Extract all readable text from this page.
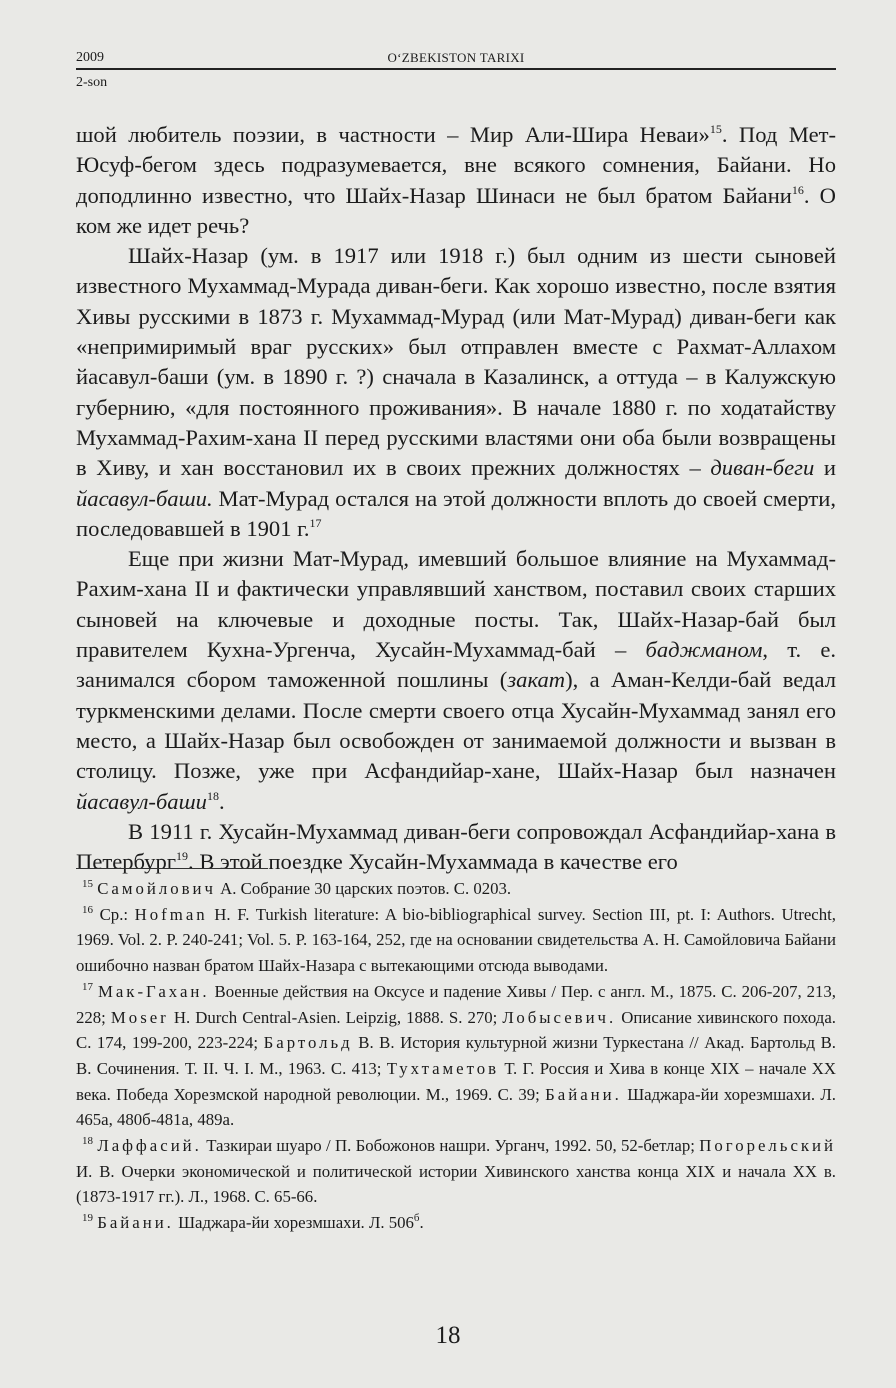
2009	O‘ZBEKISTON TARIXI
2-son

шой любитель поэзии, в частности – Мир Али-Шира Неваи»$^{15}$. Под Мет-Юсуф-бегом здесь подразумевается, вне всякого сомнения, Байани. Но доподлинно известно, что Шайх-Назар Шинаси не был братом Байани$^{16}$. О ком же идет речь?

Шайх-Назар (ум. в 1917 или 1918 г.) был одним из шести сыновей известного Мухаммад-Мурада диван-беги. Как хорошо известно, после взятия Хивы русскими в 1873 г. Мухаммад-Мурад (или Мат-Мурад) диван-беги как «непримиримый враг русских» был отправлен вместе с Рахмат-Аллахом йасавул-баши (ум. в 1890 г. ?) сначала в Казалинск, а оттуда – в Калужскую губернию, «для постоянного проживания». В начале 1880 г. по ходатайству Мухаммад-Рахим-хана II перед русскими властями они оба были возвращены в Хиву, и хан восстановил их в своих прежних должностях – диван-беги и йасавул-баши. Мат-Мурад остался на этой должности вплоть до своей смерти, последовавшей в 1901 г.$^{17}$

Еще при жизни Мат-Мурад, имевший большое влияние на Мухаммад-Рахим-хана II и фактически управлявший ханством, поставил своих старших сыновей на ключевые и доходные посты. Так, Шайх-Назар-бай был правителем Кухна-Ургенча, Хусайн-Мухаммад-бай – баджманом, т. е. занимался сбором таможенной пошлины (закат), а Аман-Келди-бай ведал туркменскими делами. После смерти своего отца Хусайн-Мухаммад занял его место, а Шайх-Назар был освобожден от занимаемой должности и вызван в столицу. Позже, уже при Асфандийар-хане, Шайх-Назар был назначен йасавул-баши$^{18}$.

В 1911 г. Хусайн-Мухаммад диван-беги сопровождал Асфандийар-хана в Петербург$^{19}$. В этой поездке Хусайн-Мухаммада в качестве его

$^{15}$ Самойлович А. Собрание 30 царских поэтов. С. 0203.

$^{16}$ Ср.: Hofman H. F. Turkish literature: A bio-bibliographical survey. Section III, pt. I: Authors. Utrecht, 1969. Vol. 2. P. 240-241; Vol. 5. P. 163-164, 252, где на основании свидетельства А. Н. Самойловича Байани ошибочно назван братом Шайх-Назара с вытекающими отсюда выводами.

$^{17}$ Мак-Гахан. Военные действия на Оксусе и падение Хивы / Пер. с англ. М., 1875. С. 206-207, 213, 228; Moser H. Durch Central-Asien. Leipzig, 1888. S. 270; Лобысевич. Описание хивинского похода. С. 174, 199-200, 223-224; Бартольд В. В. История культурной жизни Туркестана // Акад. Бартольд В. В. Сочинения. Т. II. Ч. I. М., 1963. С. 413; Тухтаметов Т. Г. Россия и Хива в конце XIX – начале XX века. Победа Хорезмской народной революции. М., 1969. С. 39; Байани. Шаджара-йи хорезмшахи. Л. 465а, 480б-481а, 489а.

$^{18}$ Лаффасий. Тазкираи шуаро / П. Бобожонов нашри. Урганч, 1992. 50, 52-бетлар; Погорельский И. В. Очерки экономической и политической истории Хивинского ханства конца XIX и начала XX в. (1873-1917 гг.). Л., 1968. С. 65-66.

$^{19}$ Байани. Шаджара-йи хорезмшахи. Л. $506^б$.

18
